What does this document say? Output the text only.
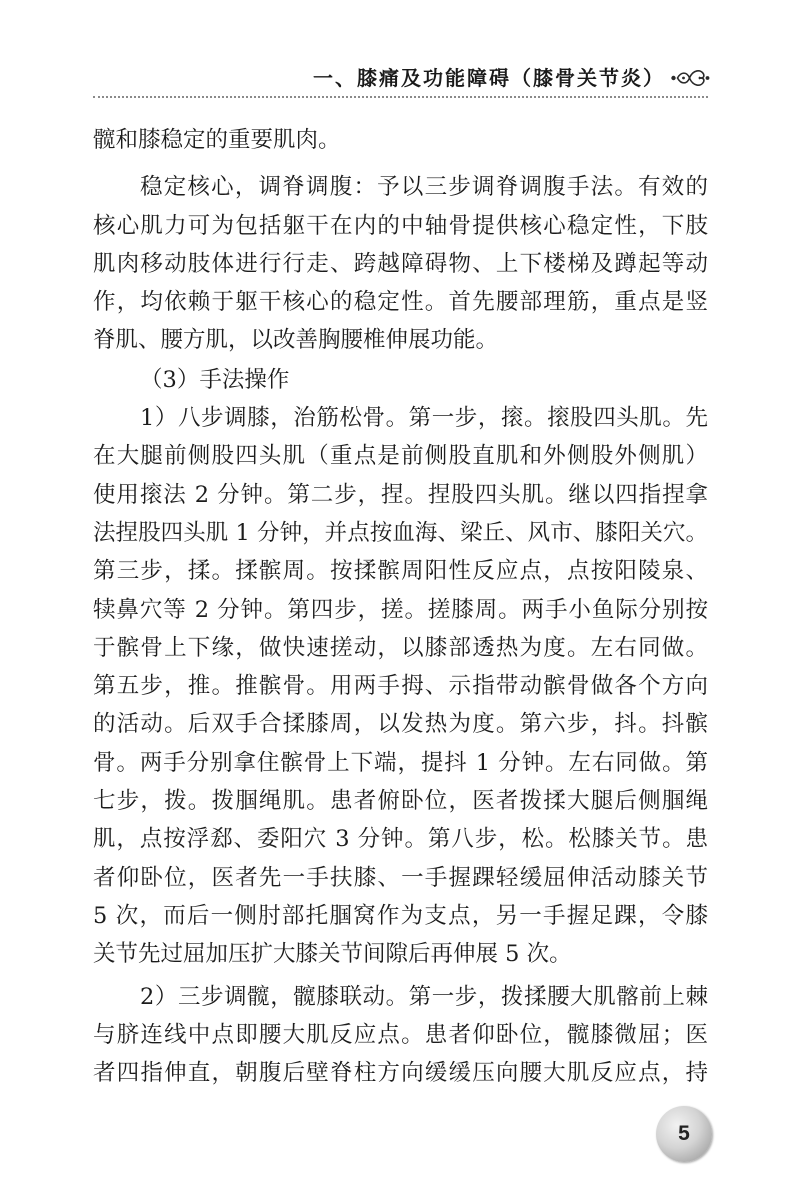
一、膝痛及功能障碍（膝骨关节炎）
髋和膝稳定的重要肌肉。
稳定核心，调脊调腹：予以三步调脊调腹手法。有效的
核心肌力可为包括躯干在内的中轴骨提供核心稳定性，下肢
肌肉移动肢体进行行走、跨越障碍物、上下楼梯及蹲起等动
作，均依赖于躯干核心的稳定性。首先腰部理筋，重点是竖
脊肌、腰方肌，以改善胸腰椎伸展功能。
（3）手法操作
1）八步调膝，治筋松骨。第一步，㨰。㨰股四头肌。先
在大腿前侧股四头肌（重点是前侧股直肌和外侧股外侧肌）
使用㨰法 2 分钟。第二步，捏。捏股四头肌。继以四指捏拿
法捏股四头肌 1 分钟，并点按血海、梁丘、风市、膝阳关穴。
第三步，揉。揉髌周。按揉髌周阳性反应点，点按阳陵泉、
犊鼻穴等 2 分钟。第四步，搓。搓膝周。两手小鱼际分别按
于髌骨上下缘，做快速搓动，以膝部透热为度。左右同做。
第五步，推。推髌骨。用两手拇、示指带动髌骨做各个方向
的活动。后双手合揉膝周，以发热为度。第六步，抖。抖髌
骨。两手分别拿住髌骨上下端，提抖 1 分钟。左右同做。第
七步，拨。拨腘绳肌。患者俯卧位，医者拨揉大腿后侧腘绳
肌，点按浮郄、委阳穴 3 分钟。第八步，松。松膝关节。患
者仰卧位，医者先一手扶膝、一手握踝轻缓屈伸活动膝关节
5 次，而后一侧肘部托腘窝作为支点，另一手握足踝，令膝
关节先过屈加压扩大膝关节间隙后再伸展 5 次。
2）三步调髋，髋膝联动。第一步，拨揉腰大肌髂前上棘
与脐连线中点即腰大肌反应点。患者仰卧位，髋膝微屈；医
者四指伸直，朝腹后壁脊柱方向缓缓压向腰大肌反应点，持
5
